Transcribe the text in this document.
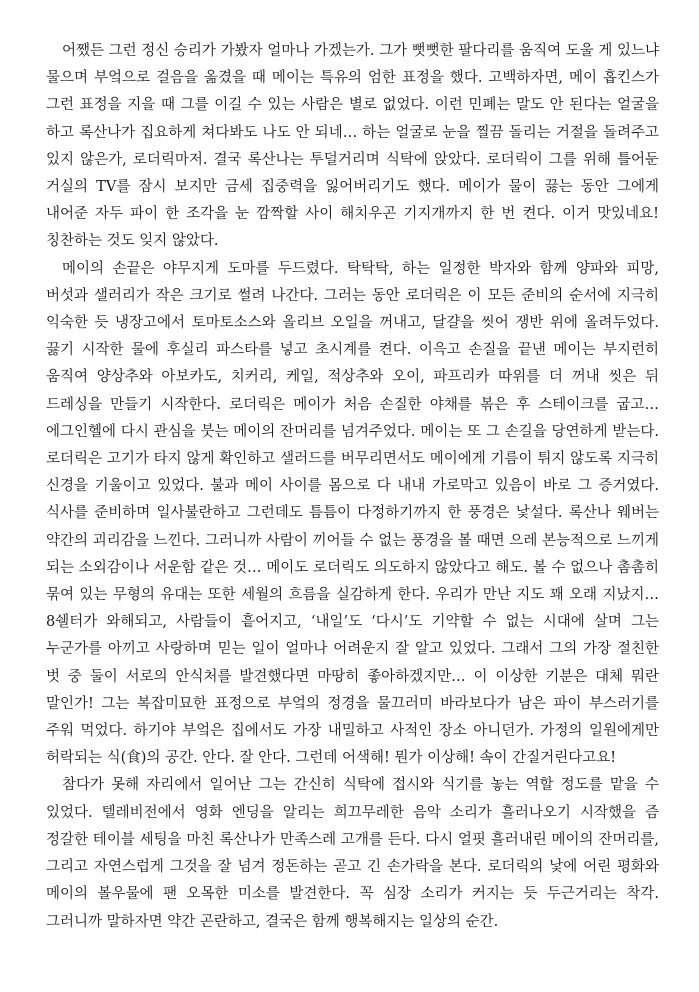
어쨌든 그런 정신 승리가 가봤자 얼마나 가겠는가. 그가 뻣뻣한 팔다리를 움직여 도울 게 있느냐 물으며 부엌으로 걸음을 옮겼을 때 메이는 특유의 엄한 표정을 했다. 고백하자면, 메이 홉킨스가 그런 표정을 지을 때 그를 이길 수 있는 사람은 별로 없었다. 이런 민폐는 말도 안 된다는 얼굴을 하고 록산나가 집요하게 쳐다봐도 나도 안 되네… 하는 얼굴로 눈을 찔끔 돌리는 거절을 돌려주고 있지 않은가, 로더릭마저. 결국 록산나는 투덜거리며 식탁에 앉았다. 로더릭이 그를 위해 틀어둔 거실의 TV를 잠시 보지만 금세 집중력을 잃어버리기도 했다. 메이가 물이 끓는 동안 그에게 내어준 자두 파이 한 조각을 눈 깜짝할 사이 해치우곤 기지개까지 한 번 켠다. 이거 맛있네요! 칭찬하는 것도 잊지 않았다.

메이의 손끝은 야무지게 도마를 두드렸다. 탁탁탁, 하는 일정한 박자와 함께 양파와 피망, 버섯과 샐러리가 작은 크기로 썰려 나간다. 그러는 동안 로더릭은 이 모든 준비의 순서에 지극히 익숙한 듯 냉장고에서 토마토소스와 올리브 오일을 꺼내고, 달걀을 씻어 쟁반 위에 올려두었다. 끓기 시작한 물에 후실리 파스타를 넣고 초시계를 켠다. 이윽고 손질을 끝낸 메이는 부지런히 움직여 양상추와 아보카도, 치커리, 케일, 적상추와 오이, 파프리카 따위를 더 꺼내 씻은 뒤 드레싱을 만들기 시작한다. 로더릭은 메이가 처음 손질한 야채를 볶은 후 스테이크를 굽고… 에그인헬에 다시 관심을 붓는 메이의 잔머리를 넘겨주었다. 메이는 또 그 손길을 당연하게 받는다. 로더릭은 고기가 타지 않게 확인하고 샐러드를 버무리면서도 메이에게 기름이 튀지 않도록 지극히 신경을 기울이고 있었다. 불과 메이 사이를 몸으로 다 내내 가로막고 있음이 바로 그 증거였다. 식사를 준비하며 일사불란하고 그런데도 틈틈이 다정하기까지 한 풍경은 낯설다. 록산나 웨버는 약간의 괴리감을 느낀다. 그러니까 사람이 끼어들 수 없는 풍경을 볼 때면 으레 본능적으로 느끼게 되는 소외감이나 서운함 같은 것… 메이도 로더릭도 의도하지 않았다고 해도. 볼 수 없으나 촘촘히 묶여 있는 무형의 유대는 또한 세월의 흐름을 실감하게 한다. 우리가 만난 지도 꽤 오래 지났지… 8쉘터가 와해되고, 사람들이 흩어지고, ‘내일’도 ‘다시’도 기약할 수 없는 시대에 살며 그는 누군가를 아끼고 사랑하며 믿는 일이 얼마나 어려운지 잘 알고 있었다. 그래서 그의 가장 절친한 벗 중 둘이 서로의 안식처를 발견했다면 마땅히 좋아하겠지만… 이 이상한 기분은 대체 뭐란 말인가! 그는 복잡미묘한 표정으로 부엌의 정경을 물끄러미 바라보다가 남은 파이 부스러기를 주워 먹었다. 하기야 부엌은 집에서도 가장 내밀하고 사적인 장소 아니던가. 가정의 일원에게만 허락되는 식(食)의 공간. 안다. 잘 안다. 그런데 어색해! 뭔가 이상해! 속이 간질거린다고요!

참다가 못해 자리에서 일어난 그는 간신히 식탁에 접시와 식기를 놓는 역할 정도를 맡을 수 있었다. 텔레비전에서 영화 엔딩을 알리는 희끄무레한 음악 소리가 흘러나오기 시작했을 즘 정갈한 테이블 세팅을 마친 록산나가 만족스레 고개를 든다. 다시 얼핏 흘러내린 메이의 잔머리를, 그리고 자연스럽게 그것을 잘 넘겨 정돈하는 곧고 긴 손가락을 본다. 로더릭의 낯에 어린 평화와 메이의 볼우물에 팬 오목한 미소를 발견한다. 꼭 심장 소리가 커지는 듯 두근거리는 착각. 그러니까 말하자면 약간 곤란하고, 결국은 함께 행복해지는 일상의 순간.
